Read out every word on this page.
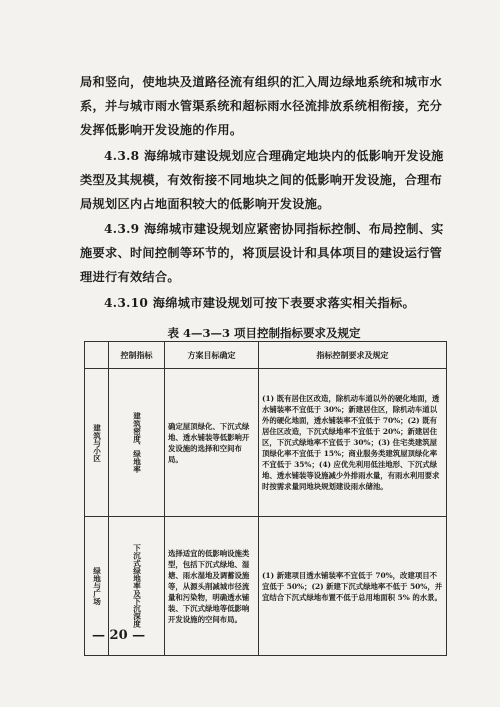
局和竖向，使地块及道路径流有组织的汇入周边绿地系统和城市水系，并与城市雨水管渠系统和超标雨水径流排放系统相衔接，充分发挥低影响开发设施的作用。

4.3.8 海绵城市建设规划应合理确定地块内的低影响开发设施类型及其规模，有效衔接不同地块之间的低影响开发设施，合理布局规划区内占地面积较大的低影响开发设施。

4.3.9 海绵城市建设规划应紧密协同指标控制、布局控制、实施要求、时间控制等环节的，将顶层设计和具体项目的建设运行管理进行有效结合。

4.3.10 海绵城市建设规划可按下表要求落实相关指标。

表 4—3—3 项目控制指标要求及规定

	控制指标	方案目标确定	指标控制要求及规定

建筑与小区	建筑密度、绿地率	确定屋顶绿化、下沉式绿地、透水铺装等低影响开发设施的选择和空间布局。	(1) 既有居住区改造，除机动车道以外的硬化地面，透水铺装率不宜低于 30%；新建居住区，除机动车道以外的硬化地面，透水铺装率不宜低于 70%；(2) 既有居住区改造，下沉式绿地率不宜低于 20%；新建居住区，下沉式绿地率不宜低于 30%；(3) 住宅类建筑屋顶绿化率不宜低于 15%；商业服务类建筑屋顶绿化率不宜低于 35%；(4) 应优先利用低洼地形、下沉式绿地、透水铺装等设施减少外排雨水量，有雨水利用要求时按需求量同地块规划建设雨水储池。

绿地与广场	下沉式绿地率及下沉深度	选择适宜的低影响设施类型，包括下沉式绿地、湿塘、雨水湿地及调蓄设施等，从源头削减城市径流量和污染物，明确透水铺装、下沉式绿地等低影响开发设施的空间布局。	(1) 新建项目透水铺装率不宜低于 70%，改建项目不宜低于 50%；(2) 新建下沉式绿地率不低于 50%，并宜结合下沉式绿地布置不低于总用地面积 5% 的水景。
— 20 —
